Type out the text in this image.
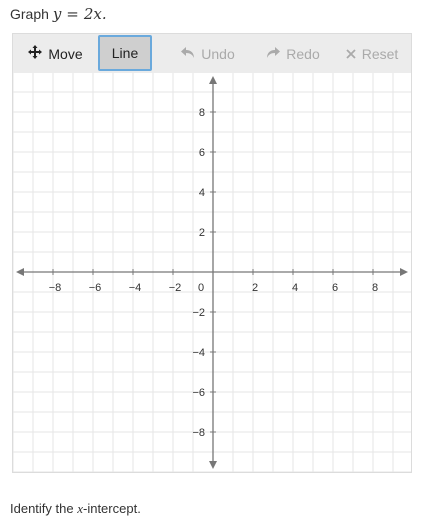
Graph y = 2x.
Move Line	Undo	Redo	Reset
−8 −6 −4 −2 0	2	4	6	8
8
6
4
2
−2
−4
−6
−8
Identify the x-intercept.
